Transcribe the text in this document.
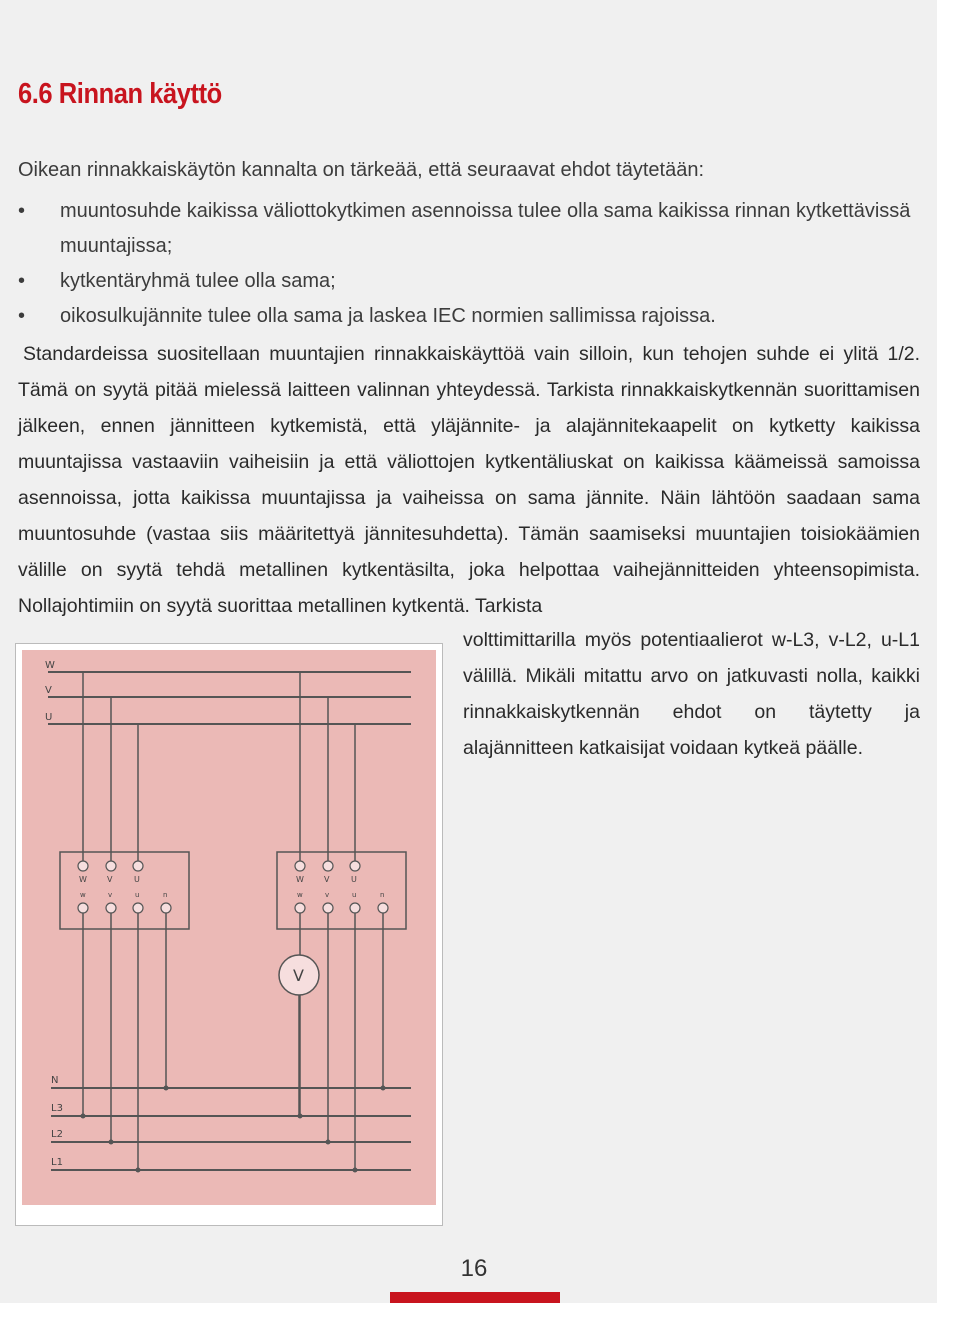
6.6 Rinnan käyttö
Oikean rinnakkaiskäytön kannalta on tärkeää, että seuraavat ehdot täytetään:
• muuntosuhde kaikissa väliottokytkimen asennoissa tulee olla sama kaikissa rinnan kytkettävissä muuntajissa;
• kytkentäryhmä tulee olla sama;
• oikosulkujännite tulee olla sama ja laskea IEC normien sallimissa rajoissa.

Standardeissa suositellaan muuntajien rinnakkaiskäyttöä vain silloin, kun tehojen suhde ei ylitä 1/2. Tämä on syytä pitää mielessä laitteen valinnan yhteydessä. Tarkista rinnakkaiskytkennän suorittamisen jälkeen, ennen jännitteen kytkemistä, että yläjännite- ja alajännitekaapelit on kytketty kaikissa muuntajissa vastaaviin vaiheisiin ja että väliottojen kytkentäliuskat on kaikissa käämeissä samoissa asennoissa, jotta kaikissa muuntajissa ja vaiheissa on sama jännite. Näin lähtöön saadaan sama muuntosuhde (vastaa siis määritettyä jännitesuhdetta). Tämän saamiseksi muuntajien toisiokäämien välille on syytä tehdä metallinen kytkentäsilta, joka helpottaa vaihejännitteiden yhteensopimista. Nollajohtimiin on syytä suorittaa metallinen kytkentä. Tarkista

volttimittarilla myös potentiaalierot w-L3, v-L2, u-L1 välillä. Mikäli mitattu arvo on jatkuvasti nolla, kaikki rinnakkaiskytkennän ehdot on täytetty ja alajännitteen katkaisijat voidaan kytkeä päälle.
W
V
U
N
L3
L2
L1
W	V	U
w	v	u	n
W	V	U
w	v	u	n
V
16
